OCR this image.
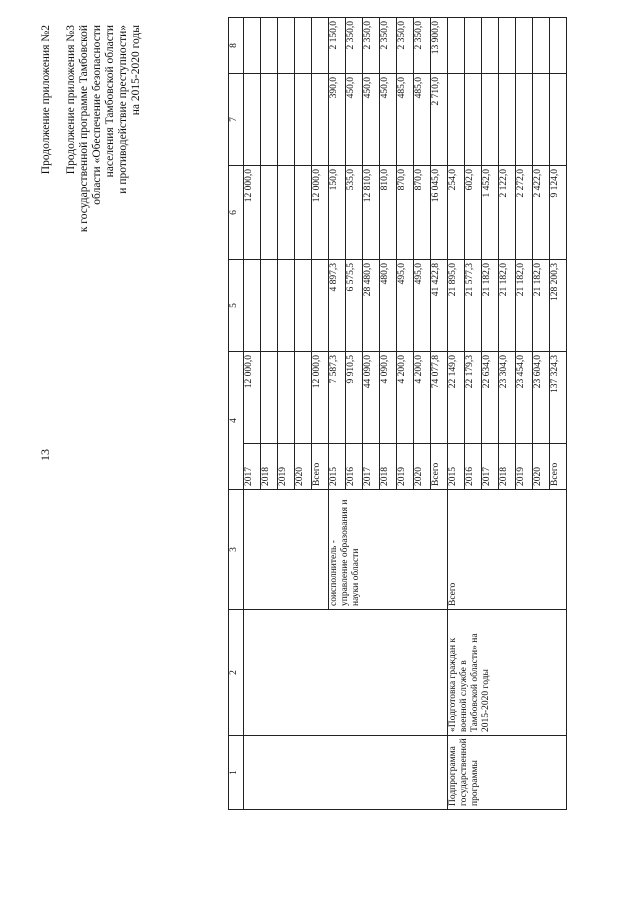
13
Продолжение приложения №2 Продолжение приложения №3 к государственной программе Тамбовской области «Обеспечение безопасности населения Тамбовской области и противодействие преступности» на 2015-2020 годы
1	2	3	4		5	6	7	8
			2017	12 000,0		12 000,0		
			2018					
			2019					
			2020					
			Всего	12 000,0		12 000,0		
		соисполнитель - управление образования и науки области	2015	7 587,3	4 897,3	150,0	390,0	2 150,0
			2016	9 910,5	6 575,5	535,0	450,0	2 350,0
			2017	44 090,0	28 480,0	12 810,0	450,0	2 350,0
			2018	4 090,0	480,0	810,0	450,0	2 350,0
			2019	4 200,0	495,0	870,0	485,0	2 350,0
			2020	4 200,0	495,0	870,0	485,0	2 350,0
			Всего	74 077,8	41 422,8	16 045,0	2 710,0	13 900,0
Подпрограмма государственной программы	«Подготовка граждан к военной службе в Тамбовской области» на 2015-2020 годы	Всего	2015	22 149,0	21 895,0	254,0		
			2016	22 179,3	21 577,3	602,0		
			2017	22 634,0	21 182,0	1 452,0		
			2018	23 304,0	21 182,0	2 122,0		
			2019	23 454,0	21 182,0	2 272,0		
			2020	23 604,0	21 182,0	2 422,0		
			Всего	137 324,3	128 200,3	9 124,0		
